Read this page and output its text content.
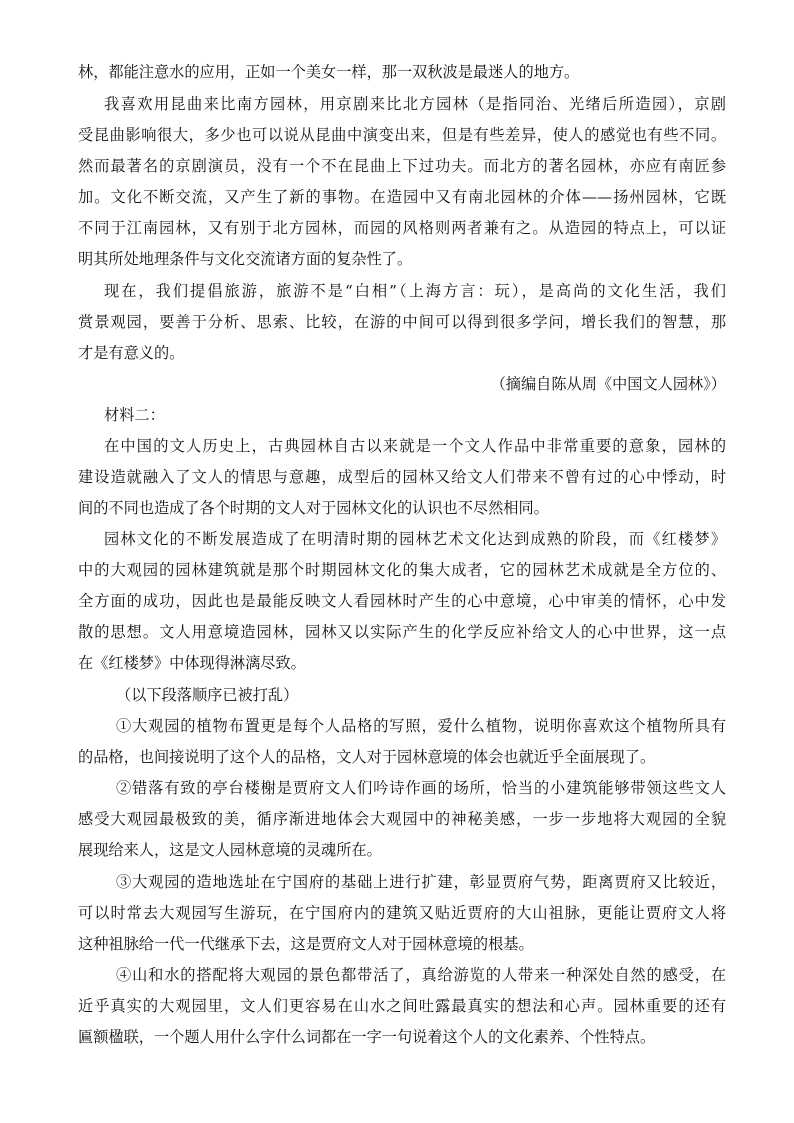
林，都能注意水的应用，正如一个美女一样，那一双秋波是最迷人的地方。
我喜欢用昆曲来比南方园林，用京剧来比北方园林（是指同治、光绪后所造园），京剧
受昆曲影响很大，多少也可以说从昆曲中演变出来，但是有些差异，使人的感觉也有些不同。
然而最著名的京剧演员，没有一个不在昆曲上下过功夫。而北方的著名园林，亦应有南匠参
加。文化不断交流，又产生了新的事物。在造园中又有南北园林的介体——扬州园林，它既
不同于江南园林，又有别于北方园林，而园的风格则两者兼有之。从造园的特点上，可以证
明其所处地理条件与文化交流诸方面的复杂性了。
现在，我们提倡旅游，旅游不是“白相”（上海方言：玩），是高尚的文化生活，我们
赏景观园，要善于分析、思索、比较，在游的中间可以得到很多学问，增长我们的智慧，那
才是有意义的。
（摘编自陈从周《中国文人园林》）
材料二：
在中国的文人历史上，古典园林自古以来就是一个文人作品中非常重要的意象，园林的
建设造就融入了文人的情思与意趣，成型后的园林又给文人们带来不曾有过的心中悸动，时
间的不同也造成了各个时期的文人对于园林文化的认识也不尽然相同。
园林文化的不断发展造成了在明清时期的园林艺术文化达到成熟的阶段，而《红楼梦》
中的大观园的园林建筑就是那个时期园林文化的集大成者，它的园林艺术成就是全方位的、
全方面的成功，因此也是最能反映文人看园林时产生的心中意境，心中审美的情怀，心中发
散的思想。文人用意境造园林，园林又以实际产生的化学反应补给文人的心中世界，这一点
在《红楼梦》中体现得淋漓尽致。
（以下段落顺序已被打乱）
①大观园的植物布置更是每个人品格的写照，爱什么植物，说明你喜欢这个植物所具有
的品格，也间接说明了这个人的品格，文人对于园林意境的体会也就近乎全面展现了。
②错落有致的亭台楼榭是贾府文人们吟诗作画的场所，恰当的小建筑能够带领这些文人
感受大观园最极致的美，循序渐进地体会大观园中的神秘美感，一步一步地将大观园的全貌
展现给来人，这是文人园林意境的灵魂所在。
③大观园的造地选址在宁国府的基础上进行扩建，彰显贾府气势，距离贾府又比较近，
可以时常去大观园写生游玩，在宁国府内的建筑又贴近贾府的大山祖脉，更能让贾府文人将
这种祖脉给一代一代继承下去，这是贾府文人对于园林意境的根基。
④山和水的搭配将大观园的景色都带活了，真给游览的人带来一种深处自然的感受，在
近乎真实的大观园里，文人们更容易在山水之间吐露最真实的想法和心声。园林重要的还有
匾额楹联，一个题人用什么字什么词都在一字一句说着这个人的文化素养、个性特点。
